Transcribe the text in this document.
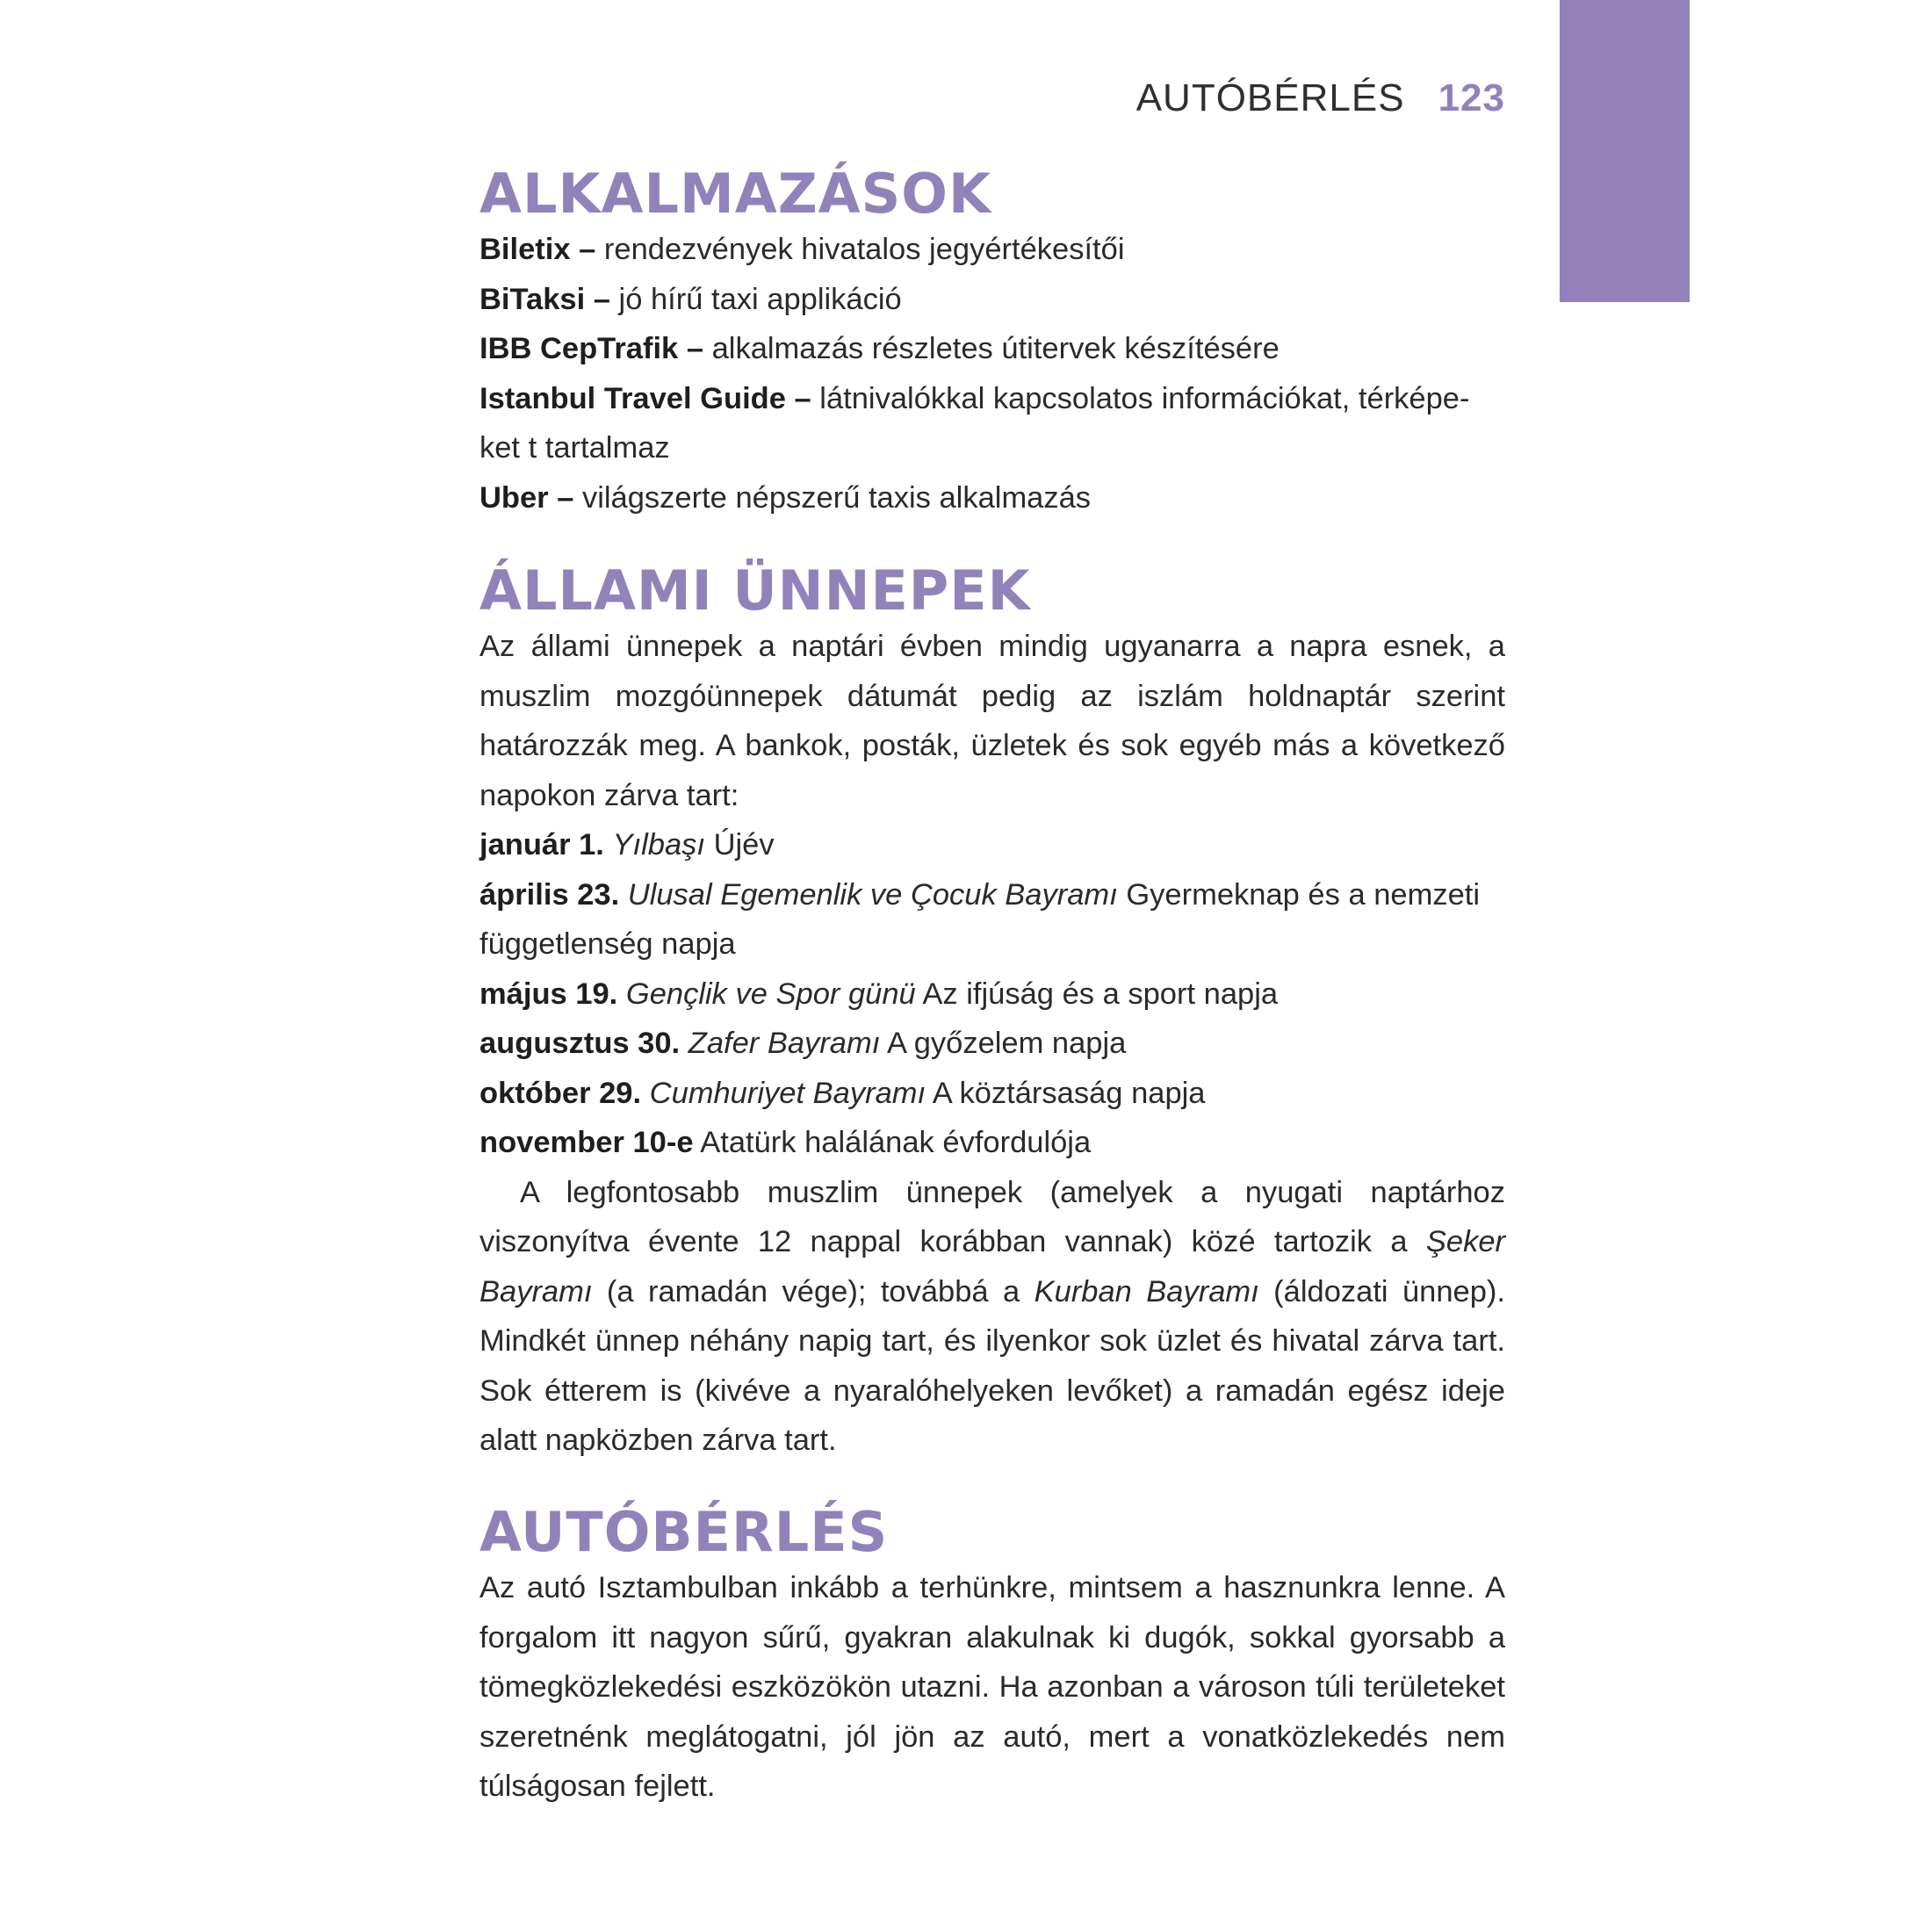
AUTÓBÉRLÉS 123
ALKALMAZÁSOK
Biletix – rendezvények hivatalos jegyértékesítői
BiTaksi – jó hírű taxi applikáció
IBB CepTrafik – alkalmazás részletes útitervek készítésére
Istanbul Travel Guide – látnivalókkal kapcsolatos információkat, térképe-
ket t tartalmaz
Uber – világszerte népszerű taxis alkalmazás
ÁLLAMI ÜNNEPEK
Az állami ünnepek a naptári évben mindig ugyanarra a napra esnek, a muszlim mozgóünnepek dátumát pedig az iszlám holdnaptár szerint határozzák meg. A bankok, posták, üzletek és sok egyéb más a következő napokon zárva tart:
január 1. Yılbaşı Újév
április 23. Ulusal Egemenlik ve Çocuk Bayramı Gyermeknap és a nemzeti
függetlenség napja
május 19. Gençlik ve Spor günü Az ifjúság és a sport napja
augusztus 30. Zafer Bayramı A győzelem napja
október 29. Cumhuriyet Bayramı A köztársaság napja
november 10-e Atatürk halálának évfordulója
A legfontosabb muszlim ünnepek (amelyek a nyugati naptárhoz viszonyítva évente 12 nappal korábban vannak) közé tartozik a Şeker Bayramı (a ramadán vége); továbbá a Kurban Bayramı (áldozati ünnep). Mindkét ünnep néhány napig tart, és ilyenkor sok üzlet és hivatal zárva tart. Sok étterem is (kivéve a nyaralóhelyeken levőket) a ramadán egész ideje alatt napközben zárva tart.
AUTÓBÉRLÉS
Az autó Isztambulban inkább a terhünkre, mintsem a hasznunkra lenne. A forgalom itt nagyon sűrű, gyakran alakulnak ki dugók, sokkal gyorsabb a tömegközlekedési eszközökön utazni. Ha azonban a városon túli területeket szeretnénk meglátogatni, jól jön az autó, mert a vonatközlekedés nem túlságosan fejlett.
